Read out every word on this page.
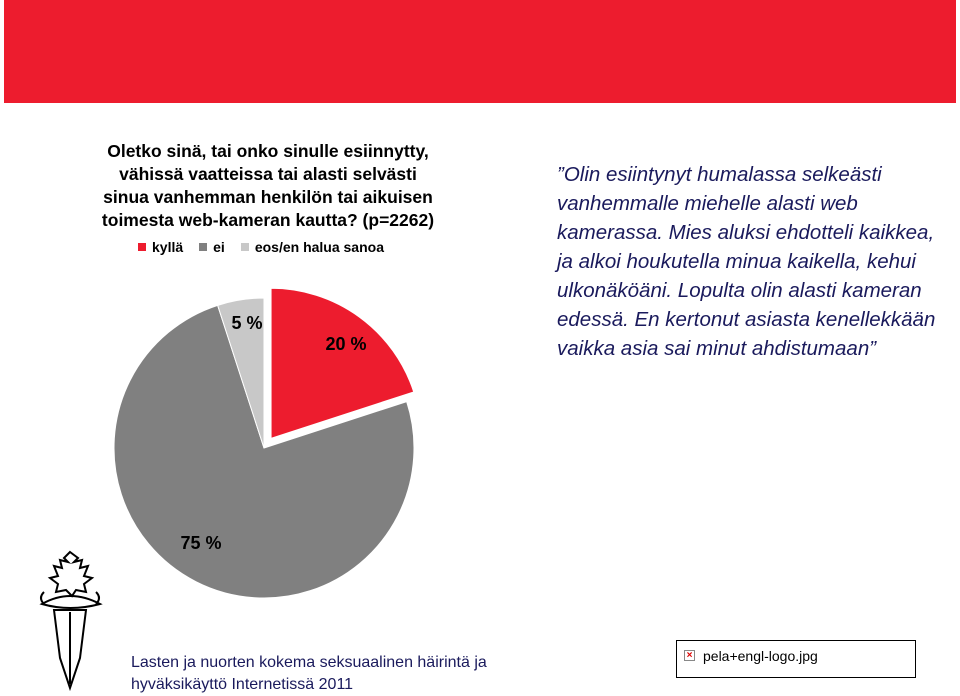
Oletko sinä, tai onko sinulle esiinnytty,
vähissä vaatteissa tai alasti selvästi
sinua vanhemman henkilön tai aikuisen
toimesta web-kameran kautta? (p=2262)

kyllä ei eos/en halua sanoa
20 %
75 %
5 %

”Olin esiintynyt humalassa selkeästi vanhemmalle miehelle alasti web kamerassa. Mies aluksi ehdotteli kaikkea, ja alkoi houkutella minua kaikella, kehui ulkonäköäni. Lopulta olin alasti kameran edessä. En kertonut asiasta kenellekkään vaikka asia sai minut ahdistumaan”

Lasten ja nuorten kokema seksuaalinen häirintä ja hyväksikäyttö Internetissä 2011

× pela+engl-logo.jpg
